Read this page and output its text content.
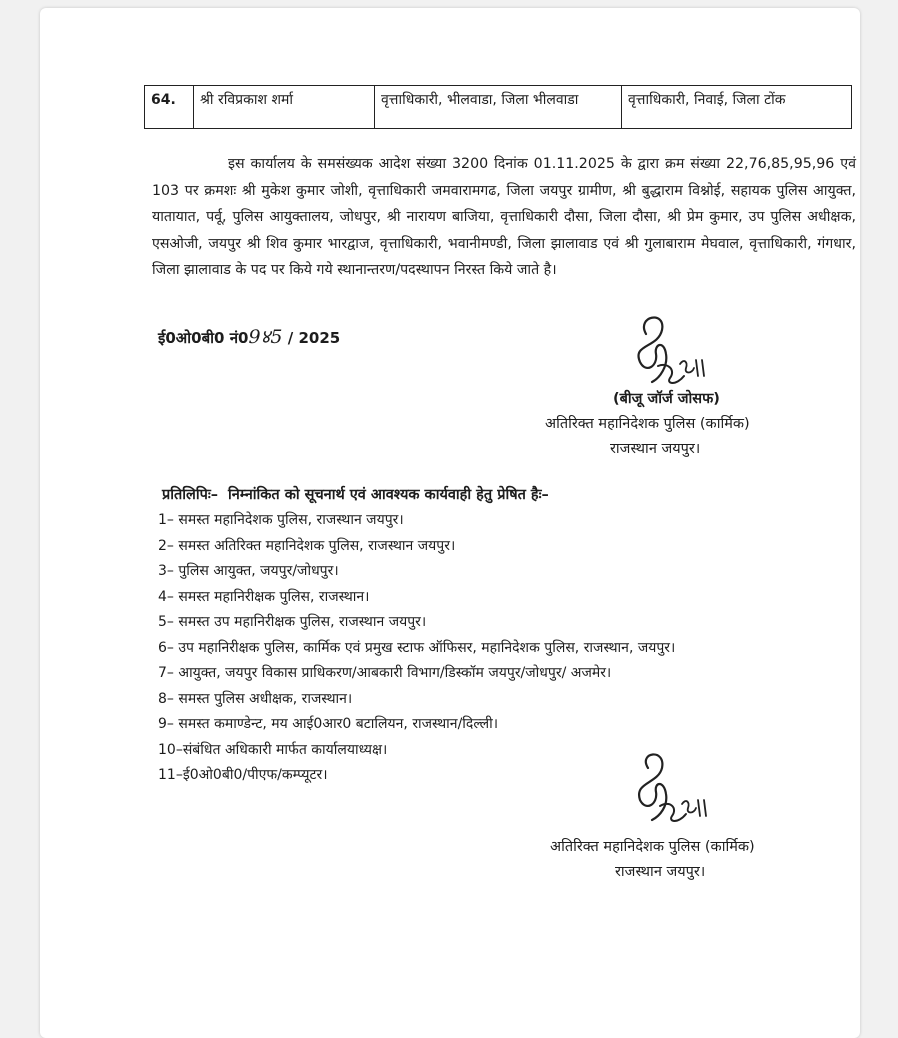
64.	श्री रविप्रकाश शर्मा	वृत्ताधिकारी, भीलवाडा, जिला भीलवाडा	वृत्ताधिकारी, निवाई, जिला टोंक

इस कार्यालय के समसंख्यक आदेश संख्या 3200 दिनांक 01.11.2025 के द्वारा क्रम संख्या 22,76,85,95,96 एवं 103 पर क्रमशः श्री मुकेश कुमार जोशी, वृत्ताधिकारी जमवारामगढ, जिला जयपुर ग्रामीण, श्री बुद्धाराम विश्नोई, सहायक पुलिस आयुक्त, यातायात, पर्वू, पुलिस आयुक्तालय, जोधपुर, श्री नारायण बाजिया, वृत्ताधिकारी दौसा, जिला दौसा, श्री प्रेम कुमार, उप पुलिस अधीक्षक, एसओजी, जयपुर श्री शिव कुमार भारद्वाज, वृत्ताधिकारी, भवानीमण्डी, जिला झालावाड एवं श्री गुलाबाराम मेघवाल, वृत्ताधिकारी, गंगधार, जिला झालावाड के पद पर किये गये स्थानान्तरण/पदस्थापन निरस्त किये जाते है।

ई0ओ0बी0 नं09४5 / 2025
(बीजू जॉर्ज जोसफ)
अतिरिक्त महानिदेशक पुलिस (कार्मिक)
राजस्थान जयपुर।
प्रतिलिपिः– निम्नांकित को सूचनार्थ एवं आवश्यक कार्यवाही हेतु प्रेषित हैः–
1– समस्त महानिदेशक पुलिस, राजस्थान जयपुर।
2– समस्त अतिरिक्त महानिदेशक पुलिस, राजस्थान जयपुर।
3– पुलिस आयुक्त, जयपुर/जोधपुर।
4– समस्त महानिरीक्षक पुलिस, राजस्थान।
5– समस्त उप महानिरीक्षक पुलिस, राजस्थान जयपुर।
6– उप महानिरीक्षक पुलिस, कार्मिक एवं प्रमुख स्टाफ ऑफिसर, महानिदेशक पुलिस, राजस्थान, जयपुर।
7– आयुक्त, जयपुर विकास प्राधिकरण/आबकारी विभाग/डिस्कॉम जयपुर/जोधपुर/ अजमेर।
8– समस्त पुलिस अधीक्षक, राजस्थान।
9– समस्त कमाण्डेन्ट, मय आई0आर0 बटालियन, राजस्थान/दिल्ली।
10–संबंधित अधिकारी मार्फत कार्यालयाध्यक्ष।
11–ई0ओ0बी0/पीएफ/कम्प्यूटर।
अतिरिक्त महानिदेशक पुलिस (कार्मिक)
राजस्थान जयपुर।
